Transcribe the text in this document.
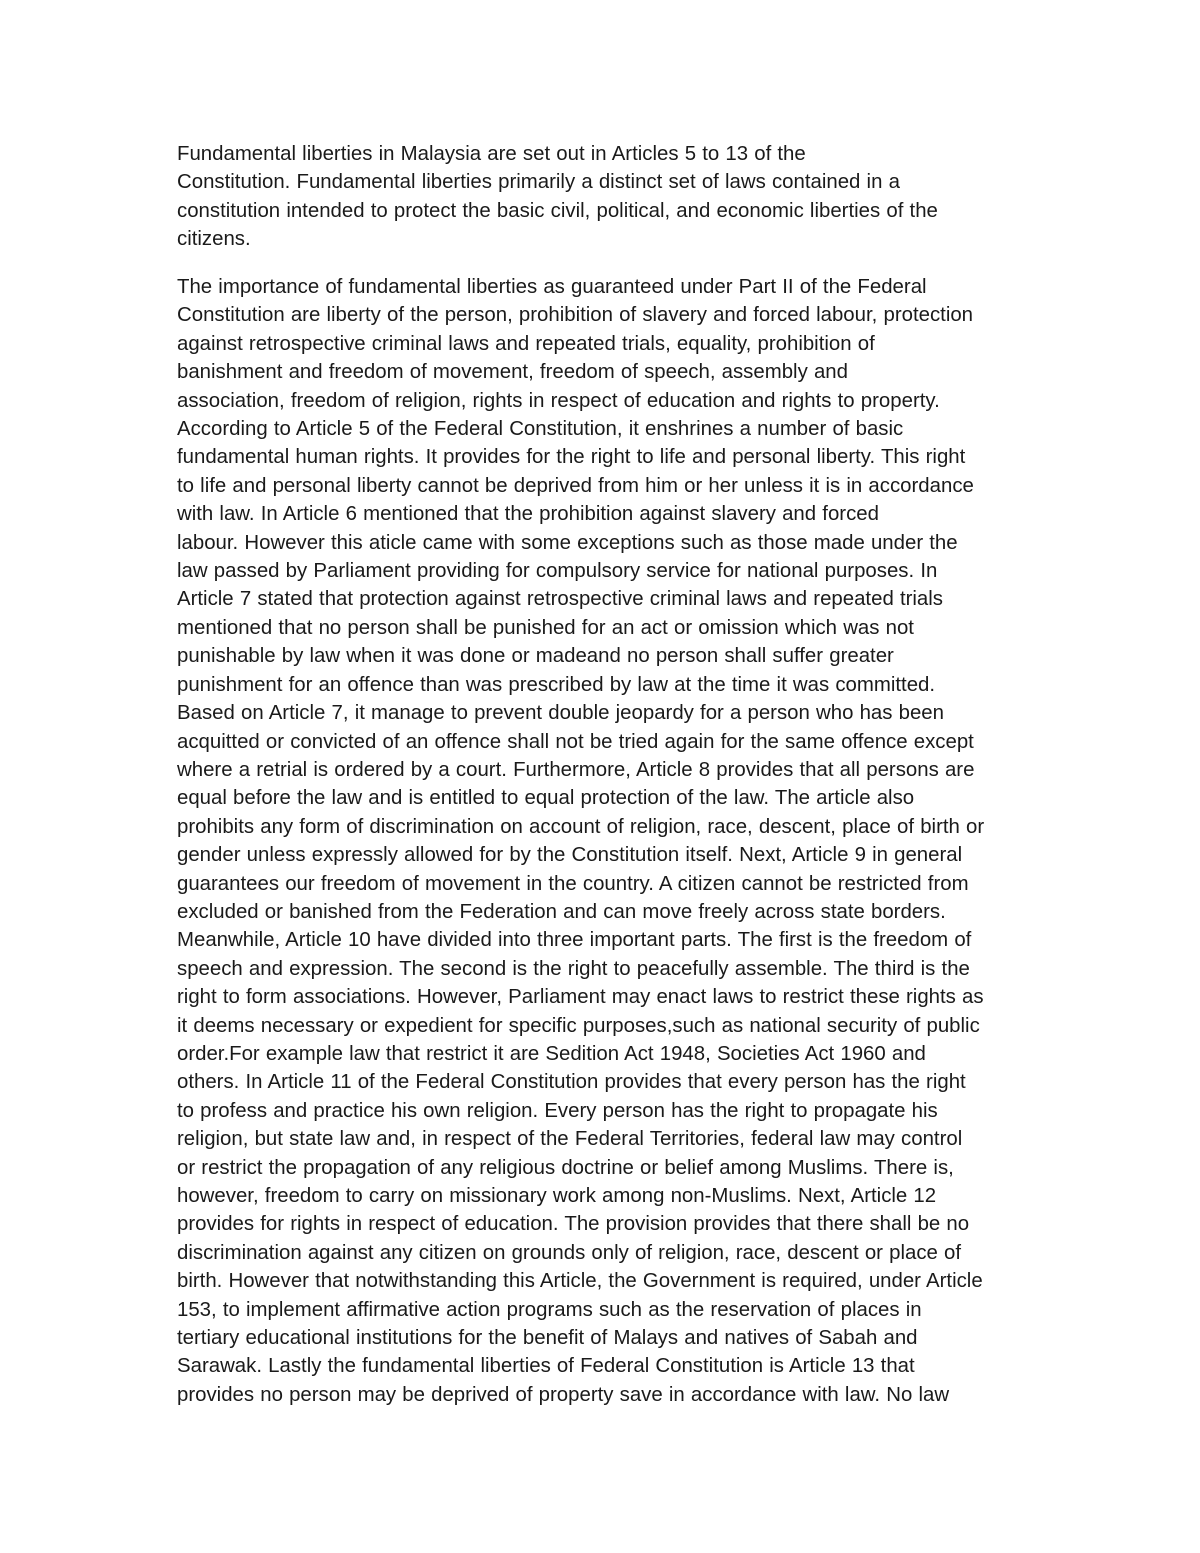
Fundamental liberties in Malaysia are set out in Articles 5 to 13 of the
Constitution. Fundamental liberties primarily a distinct set of laws contained in a
constitution intended to protect the basic civil, political, and economic liberties of the
citizens.

The importance of fundamental liberties as guaranteed under Part II of the Federal
Constitution are liberty of the person, prohibition of slavery and forced labour, protection
against retrospective criminal laws and repeated trials, equality, prohibition of
banishment and freedom of movement, freedom of speech, assembly and
association, freedom of religion, rights in respect of education and rights to property.
According to Article 5 of the Federal Constitution, it enshrines a number of basic
fundamental human rights. It provides for the right to life and personal liberty. This right
to life and personal liberty cannot be deprived from him or her unless it is in accordance
with law. In Article 6 mentioned that the prohibition against slavery and forced
labour. However this aticle came with some exceptions such as those made under the
law passed by Parliament providing for compulsory service for national purposes. In
Article 7 stated that protection against retrospective criminal laws and repeated trials
mentioned that no person shall be punished for an act or omission which was not
punishable by law when it was done or madeand no person shall suffer greater
punishment for an offence than was prescribed by law at the time it was committed.
Based on Article 7, it manage to prevent double jeopardy for a person who has been
acquitted or convicted of an offence shall not be tried again for the same offence except
where a retrial is ordered by a court. Furthermore, Article 8 provides that all persons are
equal before the law and is entitled to equal protection of the law. The article also
prohibits any form of discrimination on account of religion, race, descent, place of birth or
gender unless expressly allowed for by the Constitution itself. Next, Article 9 in general
guarantees our freedom of movement in the country. A citizen cannot be restricted from
excluded or banished from the Federation and can move freely across state borders.
Meanwhile, Article 10 have divided into three important parts. The first is the freedom of
speech and expression. The second is the right to peacefully assemble. The third is the
right to form associations. However, Parliament may enact laws to restrict these rights as
it deems necessary or expedient for specific purposes,such as national security of public
order.For example law that restrict it are Sedition Act 1948, Societies Act 1960 and
others. In Article 11 of the Federal Constitution provides that every person has the right
to profess and practice his own religion. Every person has the right to propagate his
religion, but state law and, in respect of the Federal Territories, federal law may control
or restrict the propagation of any religious doctrine or belief among Muslims. There is,
however, freedom to carry on missionary work among non-Muslims. Next, Article 12
provides for rights in respect of education. The provision provides that there shall be no
discrimination against any citizen on grounds only of religion, race, descent or place of
birth. However that notwithstanding this Article, the Government is required, under Article
153, to implement affirmative action programs such as the reservation of places in
tertiary educational institutions for the benefit of Malays and natives of Sabah and
Sarawak. Lastly the fundamental liberties of Federal Constitution is Article 13 that
provides no person may be deprived of property save in accordance with law. No law
